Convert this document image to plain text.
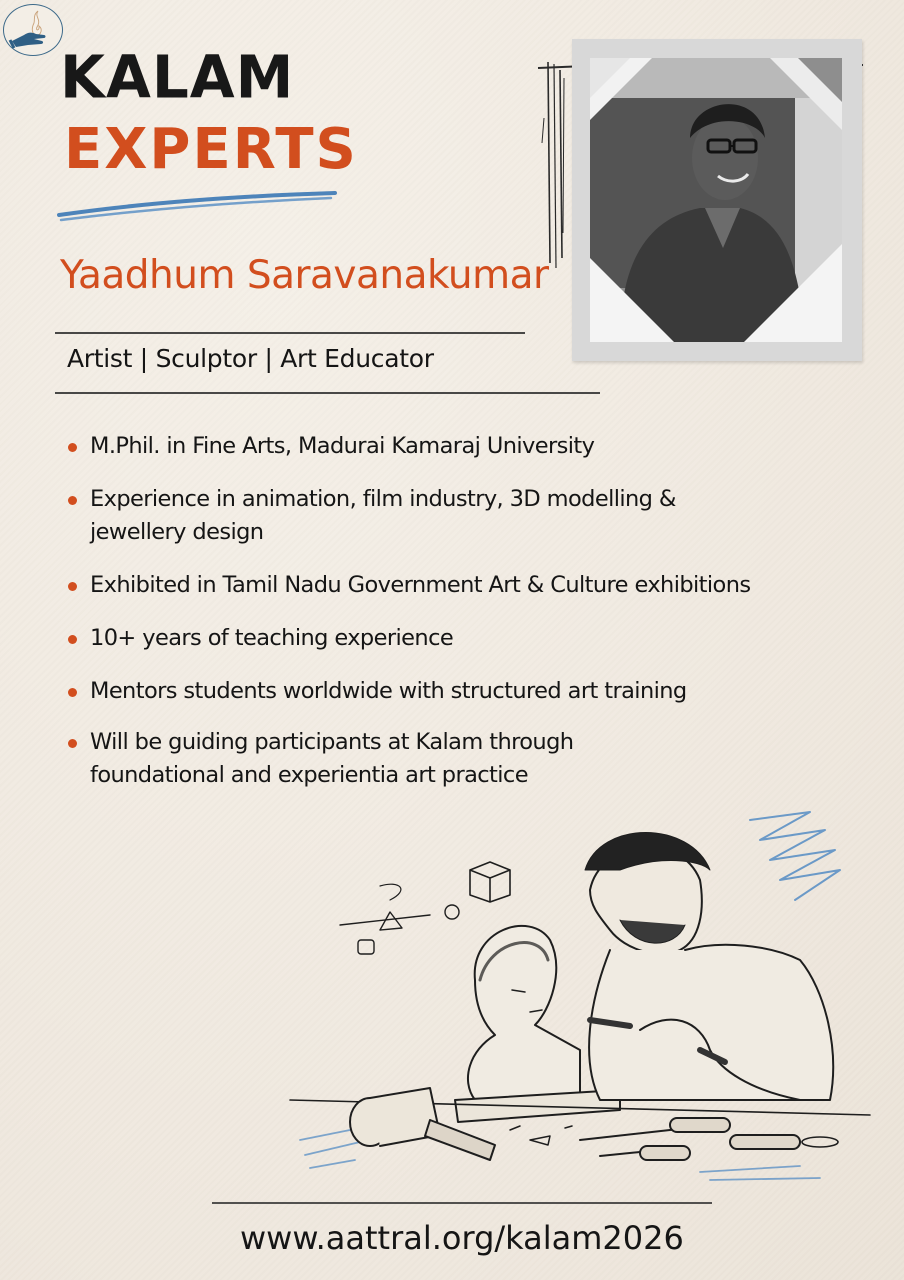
KALAM
EXPERTS
Yaadhum Saravanakumar
Artist | Sculptor | Art Educator
M.Phil. in Fine Arts, Madurai Kamaraj University
Experience in animation, film industry, 3D modelling & jewellery design
Exhibited in Tamil Nadu Government Art & Culture exhibitions
10+ years of teaching experience
Mentors students worldwide with structured art training
Will be guiding participants at Kalam through foundational and experientia art practice
www.aattral.org/kalam2026
